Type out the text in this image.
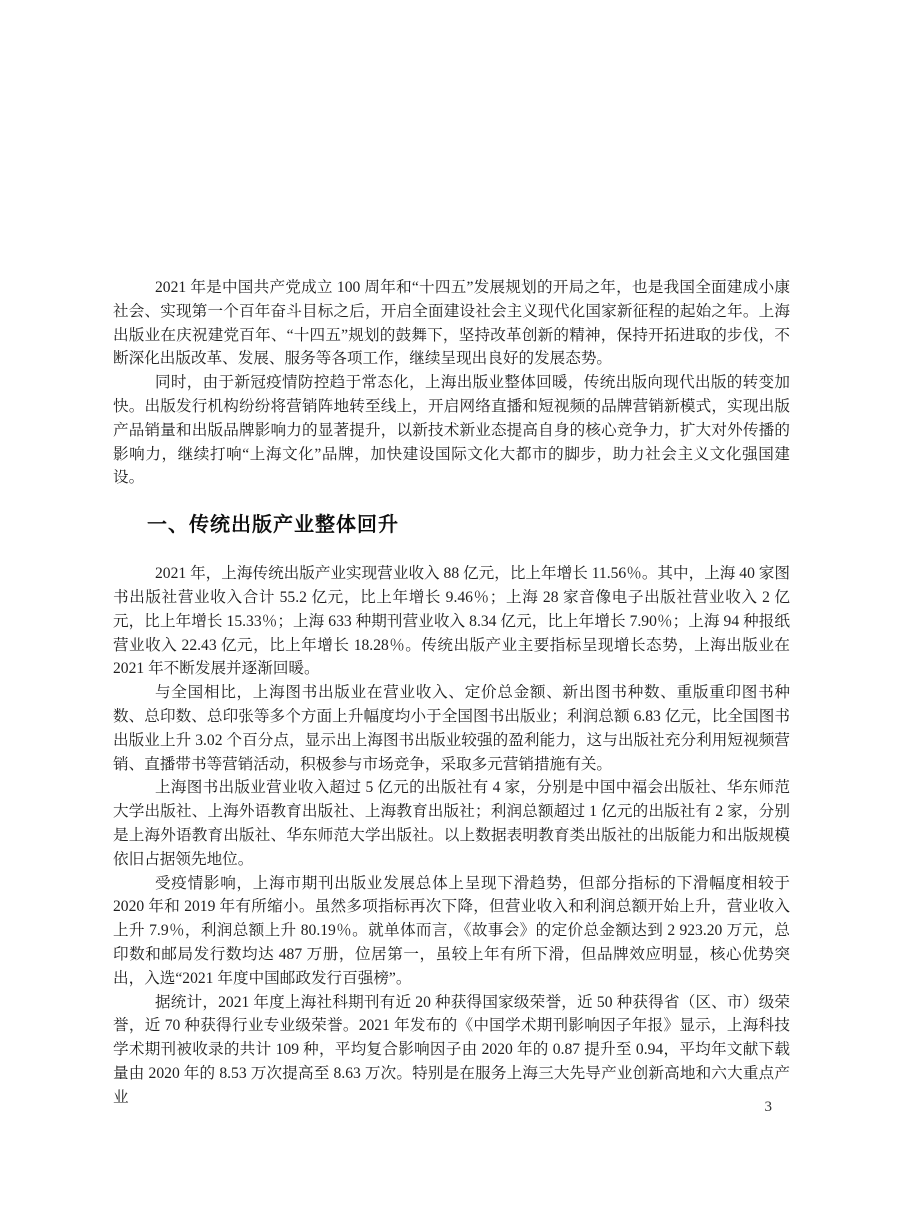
2021 年是中国共产党成立 100 周年和“十四五”发展规划的开局之年，也是我国全面建成小康社会、实现第一个百年奋斗目标之后，开启全面建设社会主义现代化国家新征程的起始之年。上海出版业在庆祝建党百年、“十四五”规划的鼓舞下，坚持改革创新的精神，保持开拓进取的步伐，不断深化出版改革、发展、服务等各项工作，继续呈现出良好的发展态势。

同时，由于新冠疫情防控趋于常态化，上海出版业整体回暖，传统出版向现代出版的转变加快。出版发行机构纷纷将营销阵地转至线上，开启网络直播和短视频的品牌营销新模式，实现出版产品销量和出版品牌影响力的显著提升，以新技术新业态提高自身的核心竞争力，扩大对外传播的影响力，继续打响“上海文化”品牌，加快建设国际文化大都市的脚步，助力社会主义文化强国建设。

一、传统出版产业整体回升

2021 年，上海传统出版产业实现营业收入 88 亿元，比上年增长 11.56％。其中，上海 40 家图书出版社营业收入合计 55.2 亿元，比上年增长 9.46％；上海 28 家音像电子出版社营业收入 2 亿元，比上年增长 15.33％；上海 633 种期刊营业收入 8.34 亿元，比上年增长 7.90％；上海 94 种报纸营业收入 22.43 亿元，比上年增长 18.28％。传统出版产业主要指标呈现增长态势，上海出版业在 2021 年不断发展并逐渐回暖。

与全国相比，上海图书出版业在营业收入、定价总金额、新出图书种数、重版重印图书种数、总印数、总印张等多个方面上升幅度均小于全国图书出版业；利润总额 6.83 亿元，比全国图书出版业上升 3.02 个百分点，显示出上海图书出版业较强的盈利能力，这与出版社充分利用短视频营销、直播带书等营销活动，积极参与市场竞争，采取多元营销措施有关。

上海图书出版业营业收入超过 5 亿元的出版社有 4 家，分别是中国中福会出版社、华东师范大学出版社、上海外语教育出版社、上海教育出版社；利润总额超过 1 亿元的出版社有 2 家，分别是上海外语教育出版社、华东师范大学出版社。以上数据表明教育类出版社的出版能力和出版规模依旧占据领先地位。

受疫情影响，上海市期刊出版业发展总体上呈现下滑趋势，但部分指标的下滑幅度相较于 2020 年和 2019 年有所缩小。虽然多项指标再次下降，但营业收入和利润总额开始上升，营业收入上升 7.9％，利润总额上升 80.19％。就单体而言，《故事会》的定价总金额达到 2 923.20 万元，总印数和邮局发行数均达 487 万册，位居第一，虽较上年有所下滑，但品牌效应明显，核心优势突出，入选“2021 年度中国邮政发行百强榜”。

据统计，2021 年度上海社科期刊有近 20 种获得国家级荣誉，近 50 种获得省（区、市）级荣誉，近 70 种获得行业专业级荣誉。2021 年发布的《中国学术期刊影响因子年报》显示，上海科技学术期刊被收录的共计 109 种，平均复合影响因子由 2020 年的 0.87 提升至 0.94，平均年文献下载量由 2020 年的 8.53 万次提高至 8.63 万次。特别是在服务上海三大先导产业创新高地和六大重点产业

3
